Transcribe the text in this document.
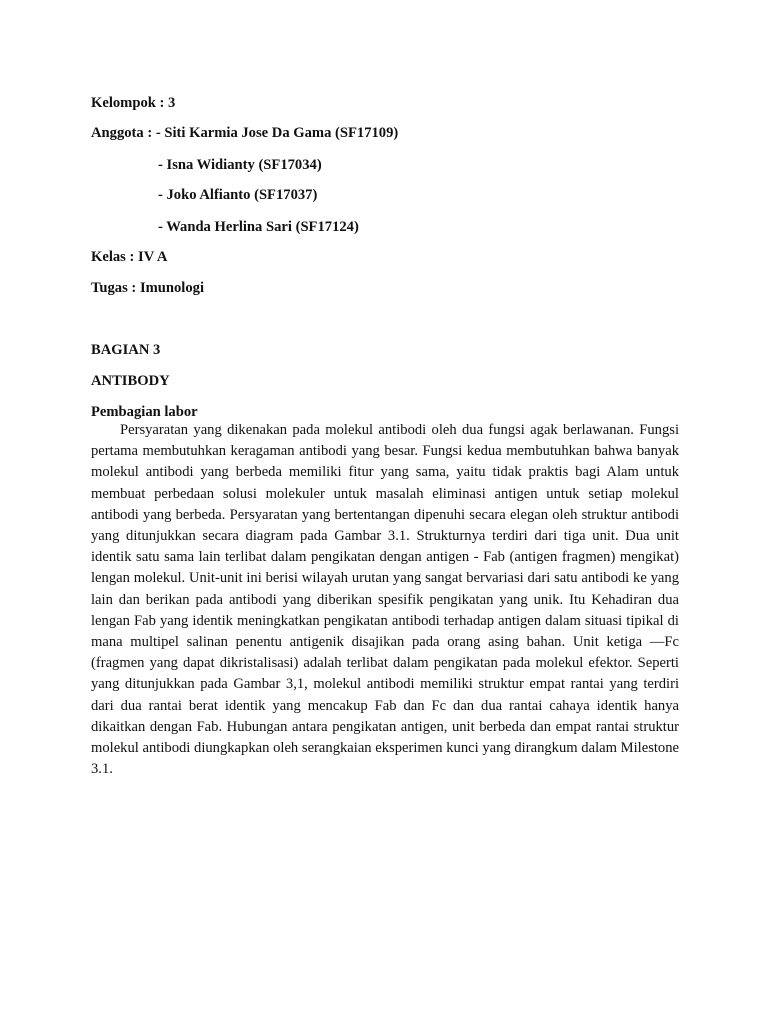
Kelompok : 3
Anggota : - Siti Karmia Jose Da Gama (SF17109)
- Isna Widianty (SF17034)
- Joko Alfianto (SF17037)
- Wanda Herlina Sari (SF17124)
Kelas : IV A
Tugas : Imunologi
BAGIAN 3
ANTIBODY
Pembagian labor

Persyaratan yang dikenakan pada molekul antibodi oleh dua fungsi agak berlawanan. Fungsi pertama membutuhkan keragaman antibodi yang besar. Fungsi kedua membutuhkan bahwa banyak molekul antibodi yang berbeda memiliki fitur yang sama, yaitu tidak praktis bagi Alam untuk membuat perbedaan solusi molekuler untuk masalah eliminasi antigen untuk setiap molekul antibodi yang berbeda. Persyaratan yang bertentangan dipenuhi secara elegan oleh struktur antibodi yang ditunjukkan secara diagram pada Gambar 3.1. Strukturnya terdiri dari tiga unit. Dua unit identik satu sama lain terlibat dalam pengikatan dengan antigen - Fab (antigen fragmen) mengikat) lengan molekul. Unit-unit ini berisi wilayah urutan yang sangat bervariasi dari satu antibodi ke yang lain dan berikan pada antibodi yang diberikan spesifik pengikatan yang unik. Itu Kehadiran dua lengan Fab yang identik meningkatkan pengikatan antibodi terhadap antigen dalam situasi tipikal di mana multipel salinan penentu antigenik disajikan pada orang asing bahan. Unit ketiga —Fc (fragmen yang dapat dikristalisasi) adalah terlibat dalam pengikatan pada molekul efektor. Seperti yang ditunjukkan pada Gambar 3,1, molekul antibodi memiliki struktur empat rantai yang terdiri dari dua rantai berat identik yang mencakup Fab dan Fc dan dua rantai cahaya identik hanya dikaitkan dengan Fab. Hubungan antara pengikatan antigen, unit berbeda dan empat rantai struktur molekul antibodi diungkapkan oleh serangkaian eksperimen kunci yang dirangkum dalam Milestone 3.1.
